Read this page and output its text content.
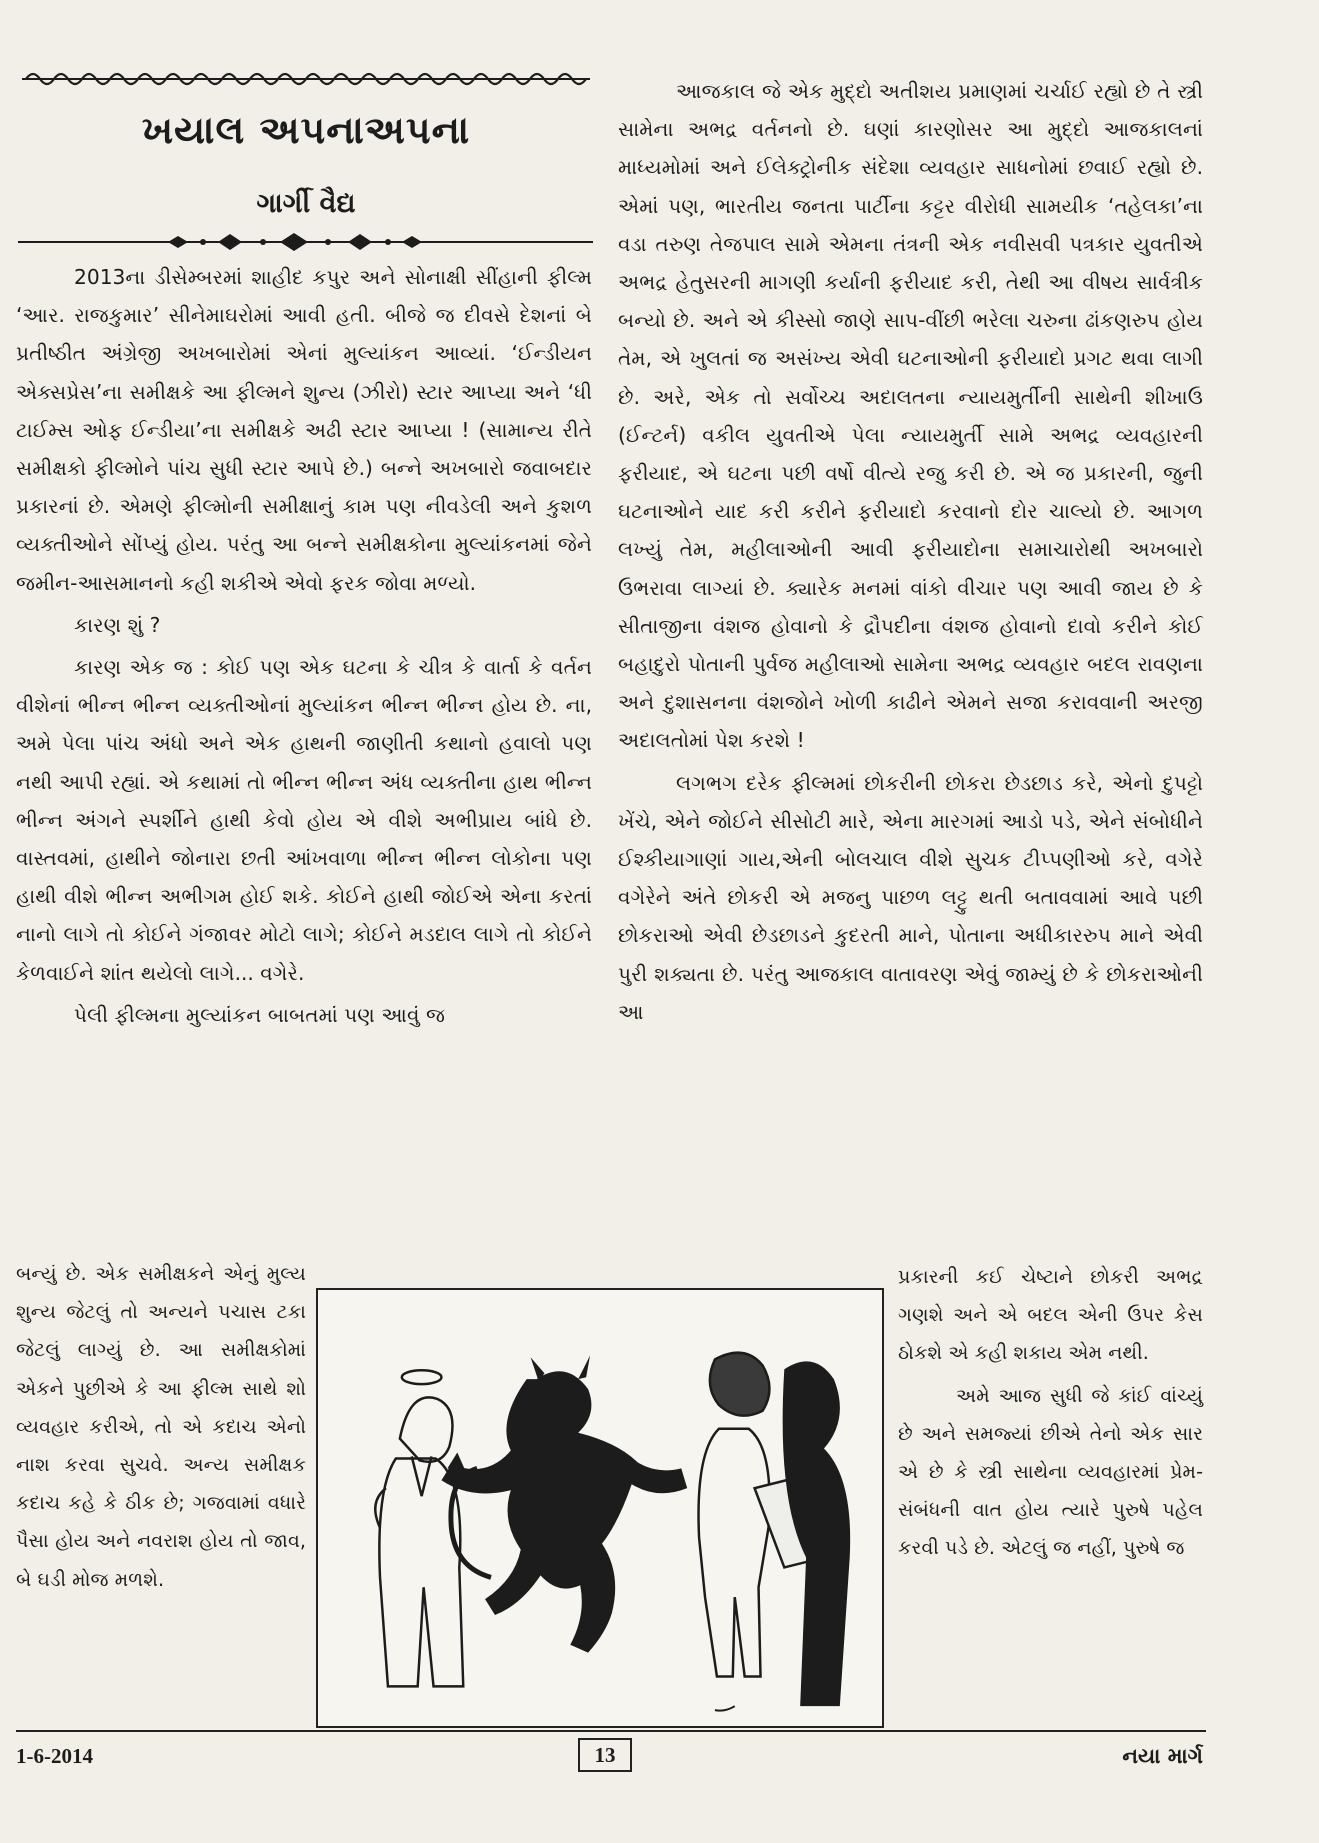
ખયાલ અપનાઅપના
ગાર્ગી વૈદ્ય

2013ના ડીસેમ્બરમાં શાહીદ કપુર અને સોનાક્ષી સીંહાની ફીલ્મ ‘આર. રાજકુમાર’ સીનેમાઘરોમાં આવી હતી. બીજે જ દીવસે દેશનાં બે પ્રતીષ્ઠીત અંગ્રેજી અખબારોમાં એનાં મુલ્યાંકન આવ્યાં. ‘ઈન્ડીયન એક્સપ્રેસ’ના સમીક્ષકે આ ફીલ્મને શુન્ય (ઝીરો) સ્ટાર આપ્યા અને ‘ધી ટાઈમ્સ ઓફ ઈન્ડીયા’ના સમીક્ષકે અઢી સ્ટાર આપ્યા ! (સામાન્ય રીતે સમીક્ષકો ફીલ્મોને પાંચ સુધી સ્ટાર આપે છે.) બન્ને અખબારો જવાબદાર પ્રકારનાં છે. એમણે ફીલ્મોની સમીક્ષાનું કામ પણ નીવડેલી અને કુશળ વ્યક્તીઓને સોંપ્યું હોય. પરંતુ આ બન્ને સમીક્ષકોના મુલ્યાંકનમાં જેને જમીન-આસમાનનો કહી શકીએ એવો ફરક જોવા મળ્યો.

કારણ શું ?

કારણ એક જ : કોઈ પણ એક ઘટના કે ચીત્ર કે વાર્તા કે વર્તન વીશેનાં ભીન્ન ભીન્ન વ્યક્તીઓનાં મુલ્યાંકન ભીન્ન ભીન્ન હોય છે. ના, અમે પેલા પાંચ અંધો અને એક હાથની જાણીતી કથાનો હવાલો પણ નથી આપી રહ્યાં. એ કથામાં તો ભીન્ન ભીન્ન અંધ વ્યક્તીના હાથ ભીન્ન ભીન્ન અંગને સ્પર્શીને હાથી કેવો હોય એ વીશે અભીપ્રાય બાંધે છે. વાસ્તવમાં, હાથીને જોનારા છતી આંખવાળા ભીન્ન ભીન્ન લોકોના પણ હાથી વીશે ભીન્ન અભીગમ હોઈ શકે. કોઈને હાથી જોઈએ એના કરતાં નાનો લાગે તો કોઈને ગંજાવર મોટો લાગે; કોઈને મડદાલ લાગે તો કોઈને કેળવાઈને શાંત થયેલો લાગે... વગેરે.

પેલી ફીલ્મના મુલ્યાંકન બાબતમાં પણ આવું જ

બન્યું છે. એક સમીક્ષકને એનું મુલ્ય શુન્ય જેટલું તો અન્યને પચાસ ટકા જેટલું લાગ્યું છે. આ સમીક્ષકોમાં એકને પુછીએ કે આ ફીલ્મ સાથે શો વ્યવહાર કરીએ, તો એ કદાચ એનો નાશ કરવા સુચવે. અન્ય સમીક્ષક કદાચ કહે કે ઠીક છે; ગજવામાં વધારે પૈસા હોય અને નવરાશ હોય તો જાવ, બે ઘડી મોજ મળશે.

આજકાલ જે એક મુદ્દો અતીશય પ્રમાણમાં ચર્ચાઈ રહ્યો છે તે સ્ત્રી સામેના અભદ્ર વર્તનનો છે. ઘણાં કારણોસર આ મુદ્દો આજકાલનાં માધ્યમોમાં અને ઈલેક્ટ્રોનીક સંદેશા વ્યવહાર સાધનોમાં છવાઈ રહ્યો છે. એમાં પણ, ભારતીય જનતા પાર્ટીના કટ્ટર વીરોધી સામયીક ‘તહેલકા’ના વડા તરુણ તેજપાલ સામે એમના તંત્રની એક નવીસવી પત્રકાર યુવતીએ અભદ્ર હેતુસરની માગણી કર્યાની ફરીયાદ કરી, તેથી આ વીષય સાર્વત્રીક બન્યો છે. અને એ કીસ્સો જાણે સાપ-વીંછી ભરેલા ચરુના ઢાંકણરુપ હોય તેમ, એ ખુલતાં જ અસંખ્ય એવી ઘટનાઓની ફરીયાદો પ્રગટ થવા લાગી છે. અરે, એક તો સર્વોચ્ચ અદાલતના ન્યાયમુર્તીની સાથેની શીખાઉ (ઈન્ટર્ન) વકીલ યુવતીએ પેલા ન્યાયમુર્તી સામે અભદ્ર વ્યવહારની ફરીયાદ, એ ઘટના પછી વર્ષો વીત્યે રજુ કરી છે. એ જ પ્રકારની, જુની ઘટનાઓને યાદ કરી કરીને ફરીયાદો કરવાનો દોર ચાલ્યો છે. આગળ લખ્યું તેમ, મહીલાઓની આવી ફરીયાદોના સમાચારોથી અખબારો ઉભરાવા લાગ્યાં છે. ક્યારેક મનમાં વાંકો વીચાર પણ આવી જાય છે કે સીતાજીના વંશજ હોવાનો કે દ્રૌપદીના વંશજ હોવાનો દાવો કરીને કોઈ બહાદુરો પોતાની પુર્વજ મહીલાઓ સામેના અભદ્ર વ્યવહાર બદલ રાવણના અને દુશાસનના વંશજોને ખોળી કાઢીને એમને સજા કરાવવાની અરજી અદાલતોમાં પેશ કરશે !

લગભગ દરેક ફીલ્મમાં છોકરીની છોકરા છેડછાડ કરે, એનો દુપટ્ટો ખેંચે, એને જોઈને સીસોટી મારે, એના મારગમાં આડો પડે, એને સંબોધીને ઈશ્કીયાગાણાં ગાય,એની બોલચાલ વીશે સુચક ટીપ્પણીઓ કરે, વગેરે વગેરેને અંતે છોકરી એ મજનુ પાછળ લટ્ટુ થતી બતાવવામાં આવે પછી છોકરાઓ એવી છેડછાડને કુદરતી માને, પોતાના અધીકારરુપ માને એવી પુરી શક્યતા છે. પરંતુ આજકાલ વાતાવરણ એવું જામ્યું છે કે છોકરાઓની આ

પ્રકારની કઈ ચેષ્ટાને છોકરી અભદ્ર ગણશે અને એ બદલ એની ઉપર કેસ ઠોકશે એ કહી શકાય એમ નથી.

અમે આજ સુધી જે કાંઈ વાંચ્યું છે અને સમજ્યાં છીએ તેનો એક સાર એ છે કે સ્ત્રી સાથેના વ્યવહારમાં પ્રેમ-સંબંધની વાત હોય ત્યારે પુરુષે પહેલ કરવી પડે છે. એટલું જ નહીં, પુરુષે જ

1-6-2014	13	નયા માર્ગ
